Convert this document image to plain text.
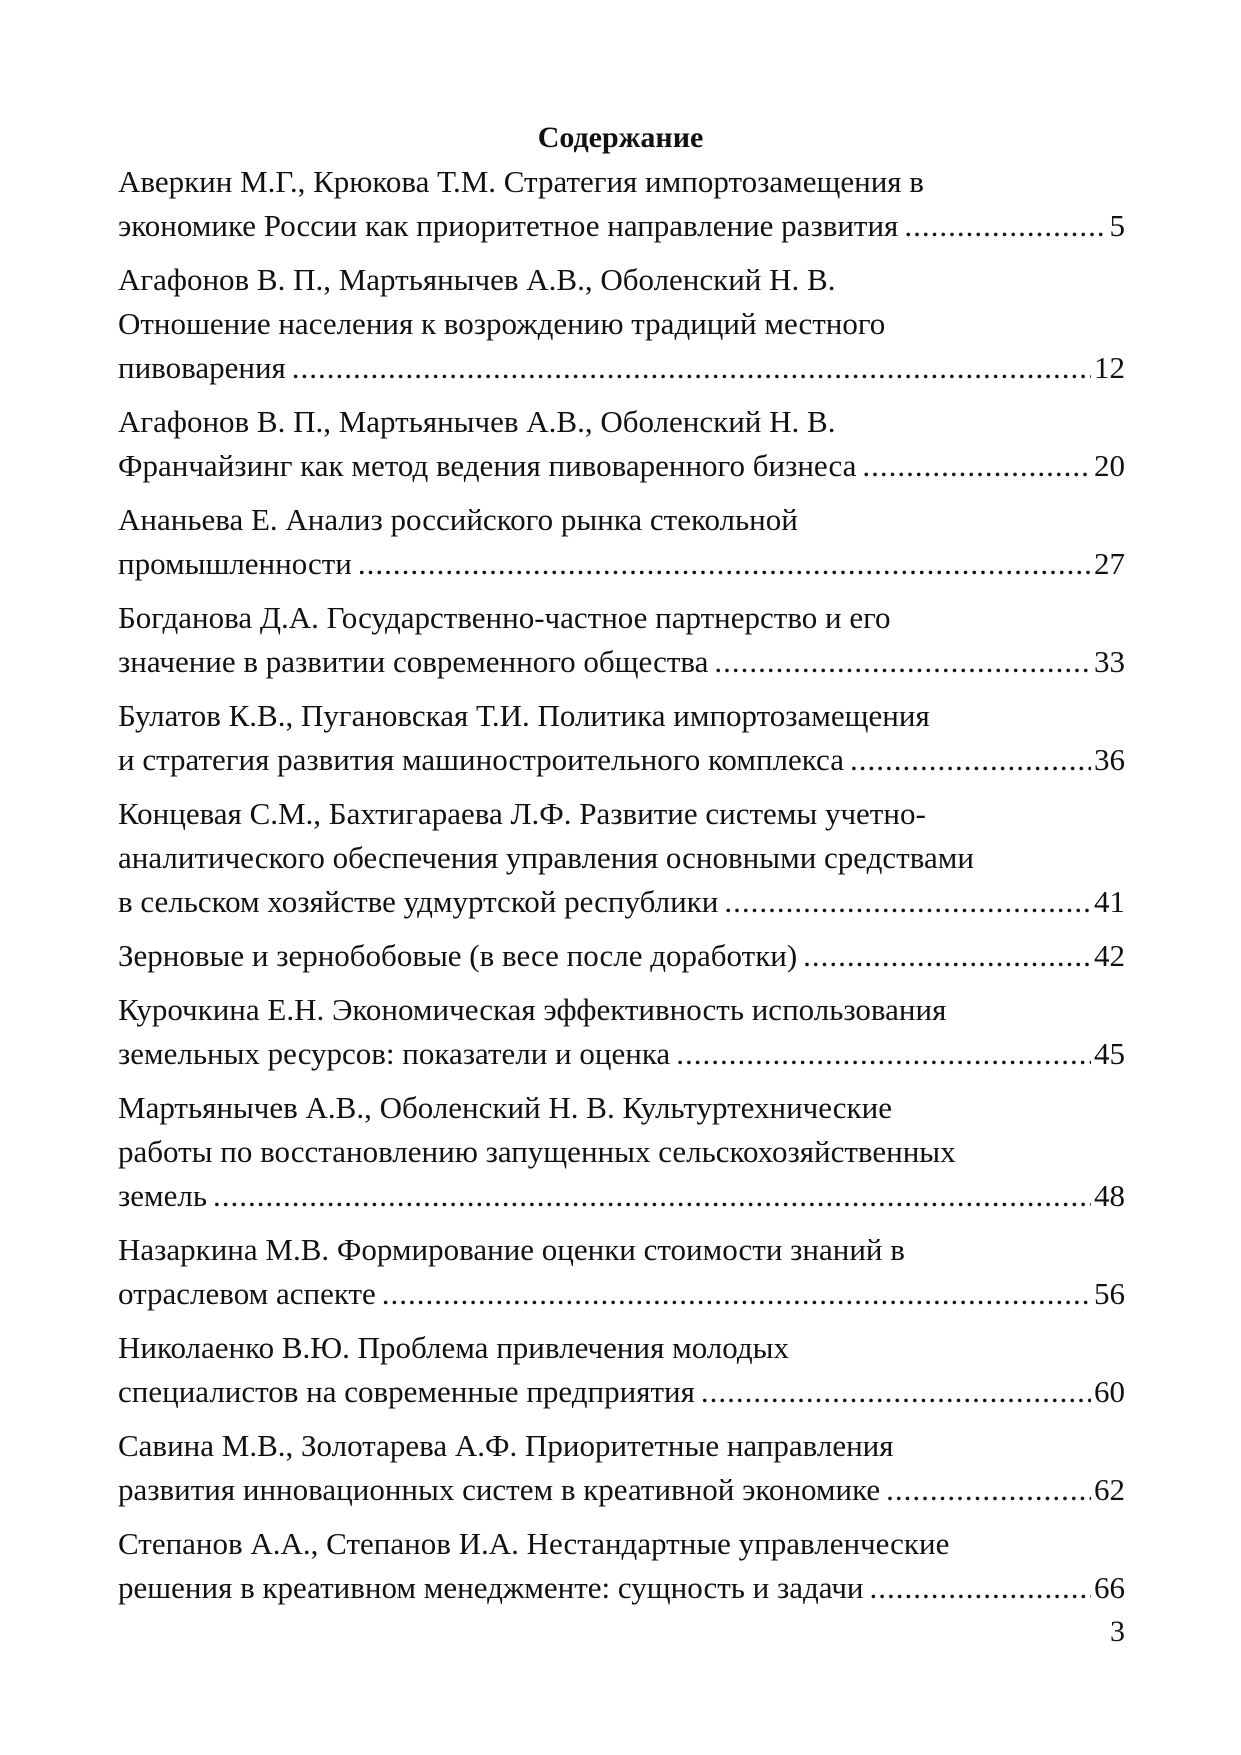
Содержание
Аверкин М.Г., Крюкова Т.М. Стратегия импортозамещения в
экономике России как приоритетное направление развития .....	5
Агафонов В. П., Мартьянычев А.В., Оболенский Н. В.
Отношение населения к возрождению традиций местного
пивоварения .....	12
Агафонов В. П., Мартьянычев А.В., Оболенский Н. В.
Франчайзинг как метод ведения пивоваренного бизнеса .....	20
Ананьева Е. Анализ российского рынка стекольной
промышленности .....	27
Богданова Д.А. Государственно-частное партнерство и его
значение в развитии современного общества .....	33
Булатов К.В., Пугановская Т.И. Политика импортозамещения
и стратегия развития машиностроительного комплекса .....	36
Концевая С.М., Бахтигараева Л.Ф. Развитие системы учетно-
аналитического обеспечения управления основными средствами
в сельском хозяйстве удмуртской республики .....	41
Зерновые и зернобобовые (в весе после доработки) .....	42
Курочкина Е.Н. Экономическая эффективность использования
земельных ресурсов: показатели и оценка .....	45
Мартьянычев А.В., Оболенский Н. В. Культуртехнические
работы по восстановлению запущенных сельскохозяйственных
земель .....	48
Назаркина М.В. Формирование оценки стоимости знаний в
отраслевом аспекте .....	56
Николаенко В.Ю. Проблема привлечения молодых
специалистов на современные предприятия .....	60
Савина М.В., Золотарева А.Ф. Приоритетные направления
развития инновационных систем в креативной экономике .....	62
Степанов А.А., Степанов И.А. Нестандартные управленческие
решения в креативном менеджменте: сущность и задачи .....	66

3
